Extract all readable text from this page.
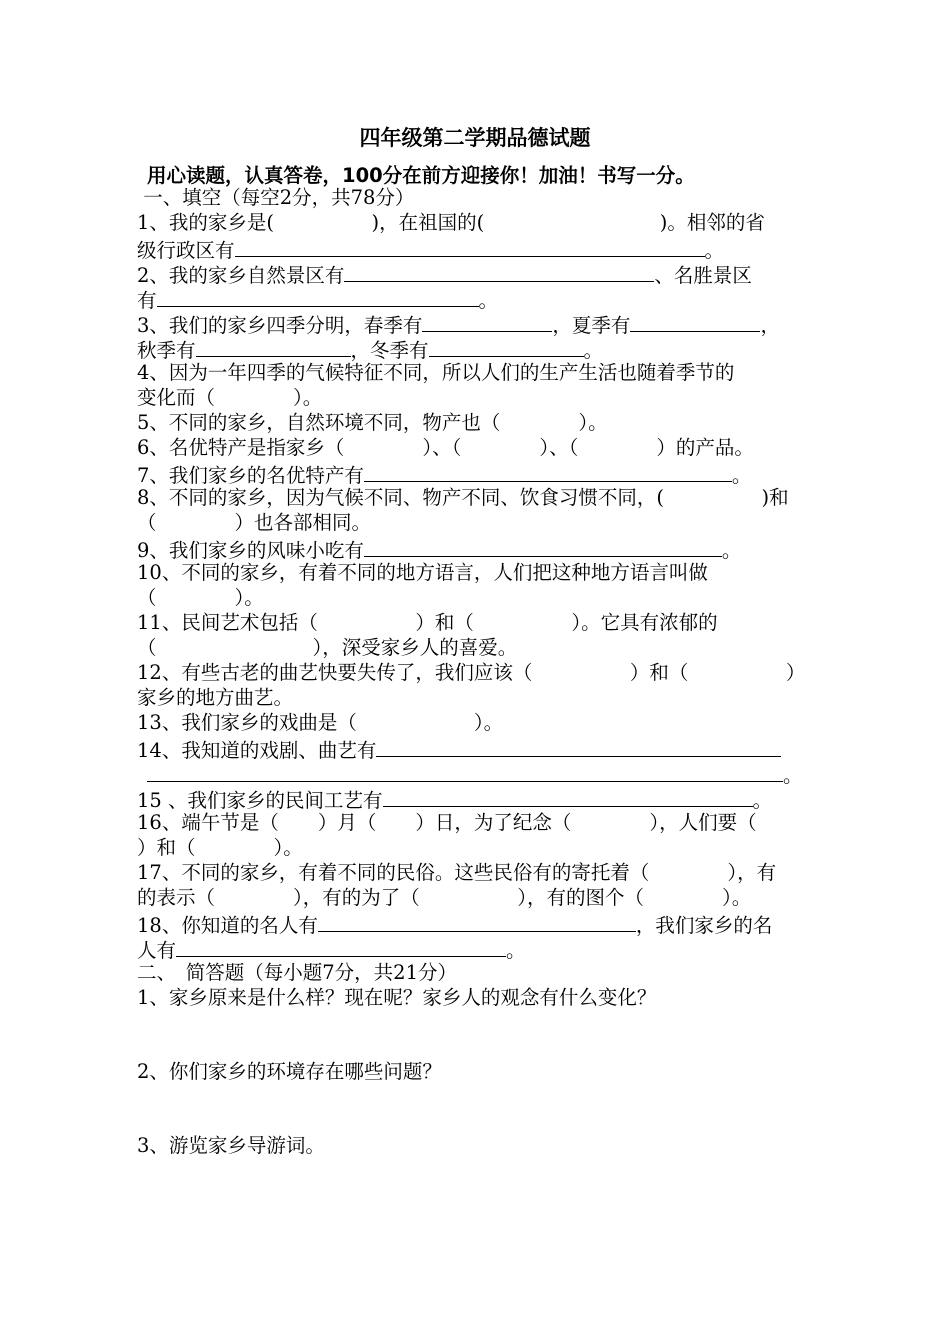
四年级第二学期品德试题
用心读题，认真答卷，100分在前方迎接你！加油！书写一分。
一、填空（每空2分，共78分）
1、我的家乡是(　　　　　)，在祖国的(　　　　　　　　　)。相邻的省
级行政区有	。
2、我的家乡自然景区有	、名胜景区
有	。
3、我们的家乡四季分明，春季有	，夏季有	，
秋季有	，冬季有	。
4、因为一年四季的气候特征不同，所以人们的生产生活也随着季节的
变化而（　　　　）。
5、不同的家乡，自然环境不同，物产也（　　　　）。
6、名优特产是指家乡（　　　　）、（　　　　）、（　　　　）的产品。
7、我们家乡的名优特产有	。
8、不同的家乡，因为气候不同、物产不同、饮食习惯不同，(　　　　　)和
（　　　　）也各部相同。
9、我们家乡的风味小吃有	。
10、不同的家乡，有着不同的地方语言，人们把这种地方语言叫做
（　　　　）。
11、民间艺术包括（　　　　　）和（　　　　　）。它具有浓郁的
（　　　　　　　　），深受家乡人的喜爱。
12、有些古老的曲艺快要失传了，我们应该（　　　　　）和（　　　　　）
家乡的地方曲艺。
13、我们家乡的戏曲是（　　　　　　）。
14、我知道的戏剧、曲艺有
。
15 、我们家乡的民间工艺有	。
16、端午节是（　　）月（　　）日，为了纪念（　　　　），人们要（
）和（　　　　）。
17、不同的家乡，有着不同的民俗。这些民俗有的寄托着（　　　　），有
的表示（　　　　），有的为了（　　　　　），有的图个（　　　　）。
18、你知道的名人有	，我们家乡的名
人有	。
二、　简答题（每小题7分，共21分）
1、家乡原来是什么样？现在呢？家乡人的观念有什么变化？
2、你们家乡的环境存在哪些问题？
3、游览家乡导游词。
